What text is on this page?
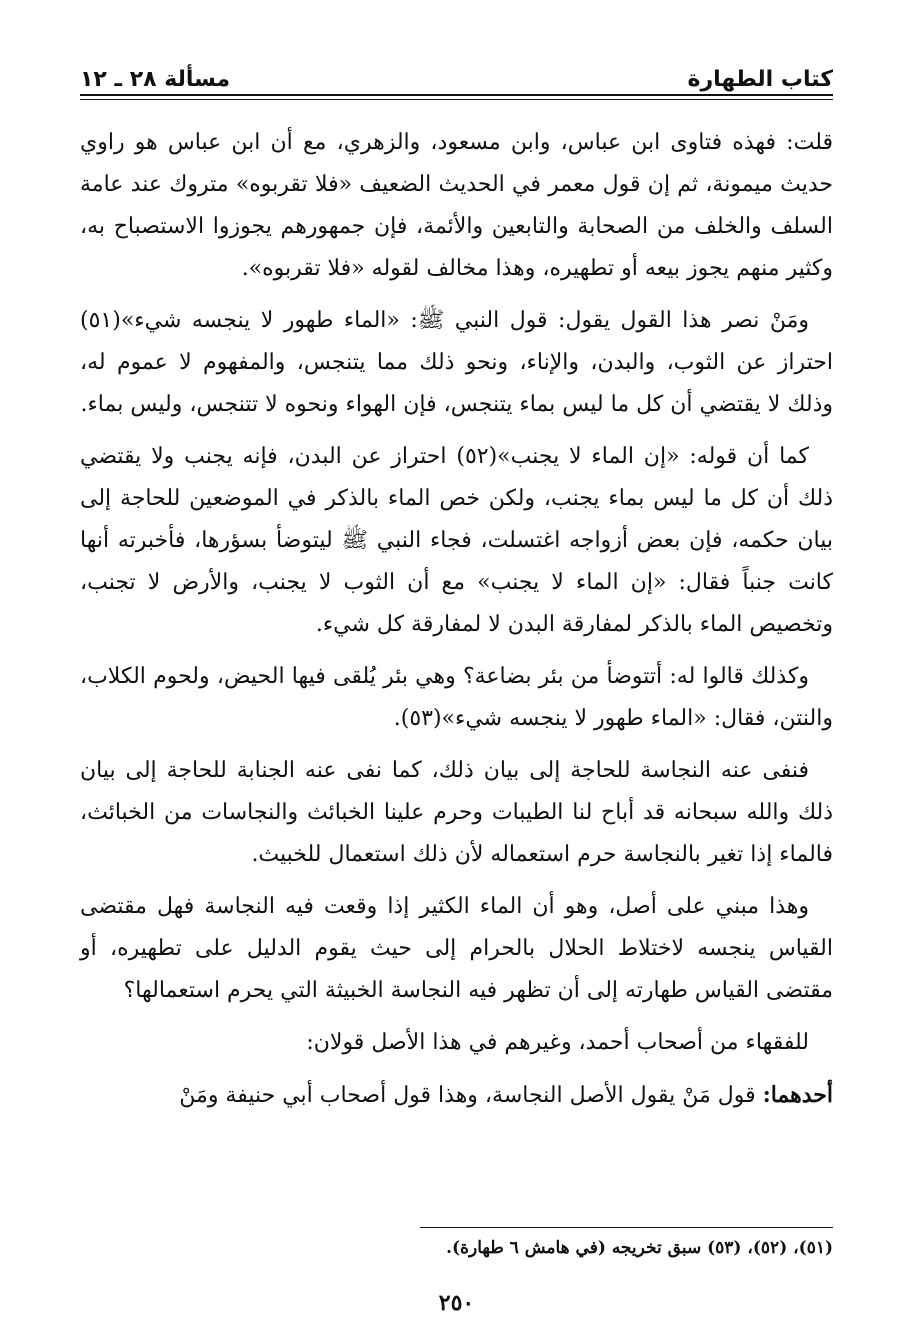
مسألة ٢٨ ـ ١٢	كتاب الطهارة

قلت: فهذه فتاوى ابن عباس، وابن مسعود، والزهري، مع أن ابن عباس هو راوي حديث ميمونة، ثم إن قول معمر في الحديث الضعيف «فلا تقربوه» متروك عند عامة السلف والخلف من الصحابة والتابعين والأئمة، فإن جمهورهم يجوزوا الاستصباح به، وكثير منهم يجوز بيعه أو تطهيره، وهذا مخالف لقوله «فلا تقربوه».

ومَنْ نصر هذا القول يقول: قول النبي ﷺ: «الماء طهور لا ينجسه شيء»(٥١) احتراز عن الثوب، والبدن، والإناء، ونحو ذلك مما يتنجس، والمفهوم لا عموم له، وذلك لا يقتضي أن كل ما ليس بماء يتنجس، فإن الهواء ونحوه لا تتنجس، وليس بماء.

كما أن قوله: «إن الماء لا يجنب»(٥٢) احتراز عن البدن، فإنه يجنب ولا يقتضي ذلك أن كل ما ليس بماء يجنب، ولكن خص الماء بالذكر في الموضعين للحاجة إلى بيان حكمه، فإن بعض أزواجه اغتسلت، فجاء النبي ﷺ ليتوضأ بسؤرها، فأخبرته أنها كانت جنباً فقال: «إن الماء لا يجنب» مع أن الثوب لا يجنب، والأرض لا تجنب، وتخصيص الماء بالذكر لمفارقة البدن لا لمفارقة كل شيء.

وكذلك قالوا له: أتتوضأ من بئر بضاعة؟ وهي بئر يُلقى فيها الحيض، ولحوم الكلاب، والنتن، فقال: «الماء طهور لا ينجسه شيء»(٥٣).

فنفى عنه النجاسة للحاجة إلى بيان ذلك، كما نفى عنه الجنابة للحاجة إلى بيان ذلك والله سبحانه قد أباح لنا الطيبات وحرم علينا الخبائث والنجاسات من الخبائث، فالماء إذا تغير بالنجاسة حرم استعماله لأن ذلك استعمال للخبيث.

وهذا مبني على أصل، وهو أن الماء الكثير إذا وقعت فيه النجاسة فهل مقتضى القياس ينجسه لاختلاط الحلال بالحرام إلى حيث يقوم الدليل على تطهيره، أو مقتضى القياس طهارته إلى أن تظهر فيه النجاسة الخبيثة التي يحرم استعمالها؟

للفقهاء من أصحاب أحمد، وغيرهم في هذا الأصل قولان:

أحدهما: قول مَنْ يقول الأصل النجاسة، وهذا قول أصحاب أبي حنيفة ومَنْ

(٥١)، (٥٢)، (٥٣) سبق تخريجه (في هامش ٦ طهارة).
٢٥٠
